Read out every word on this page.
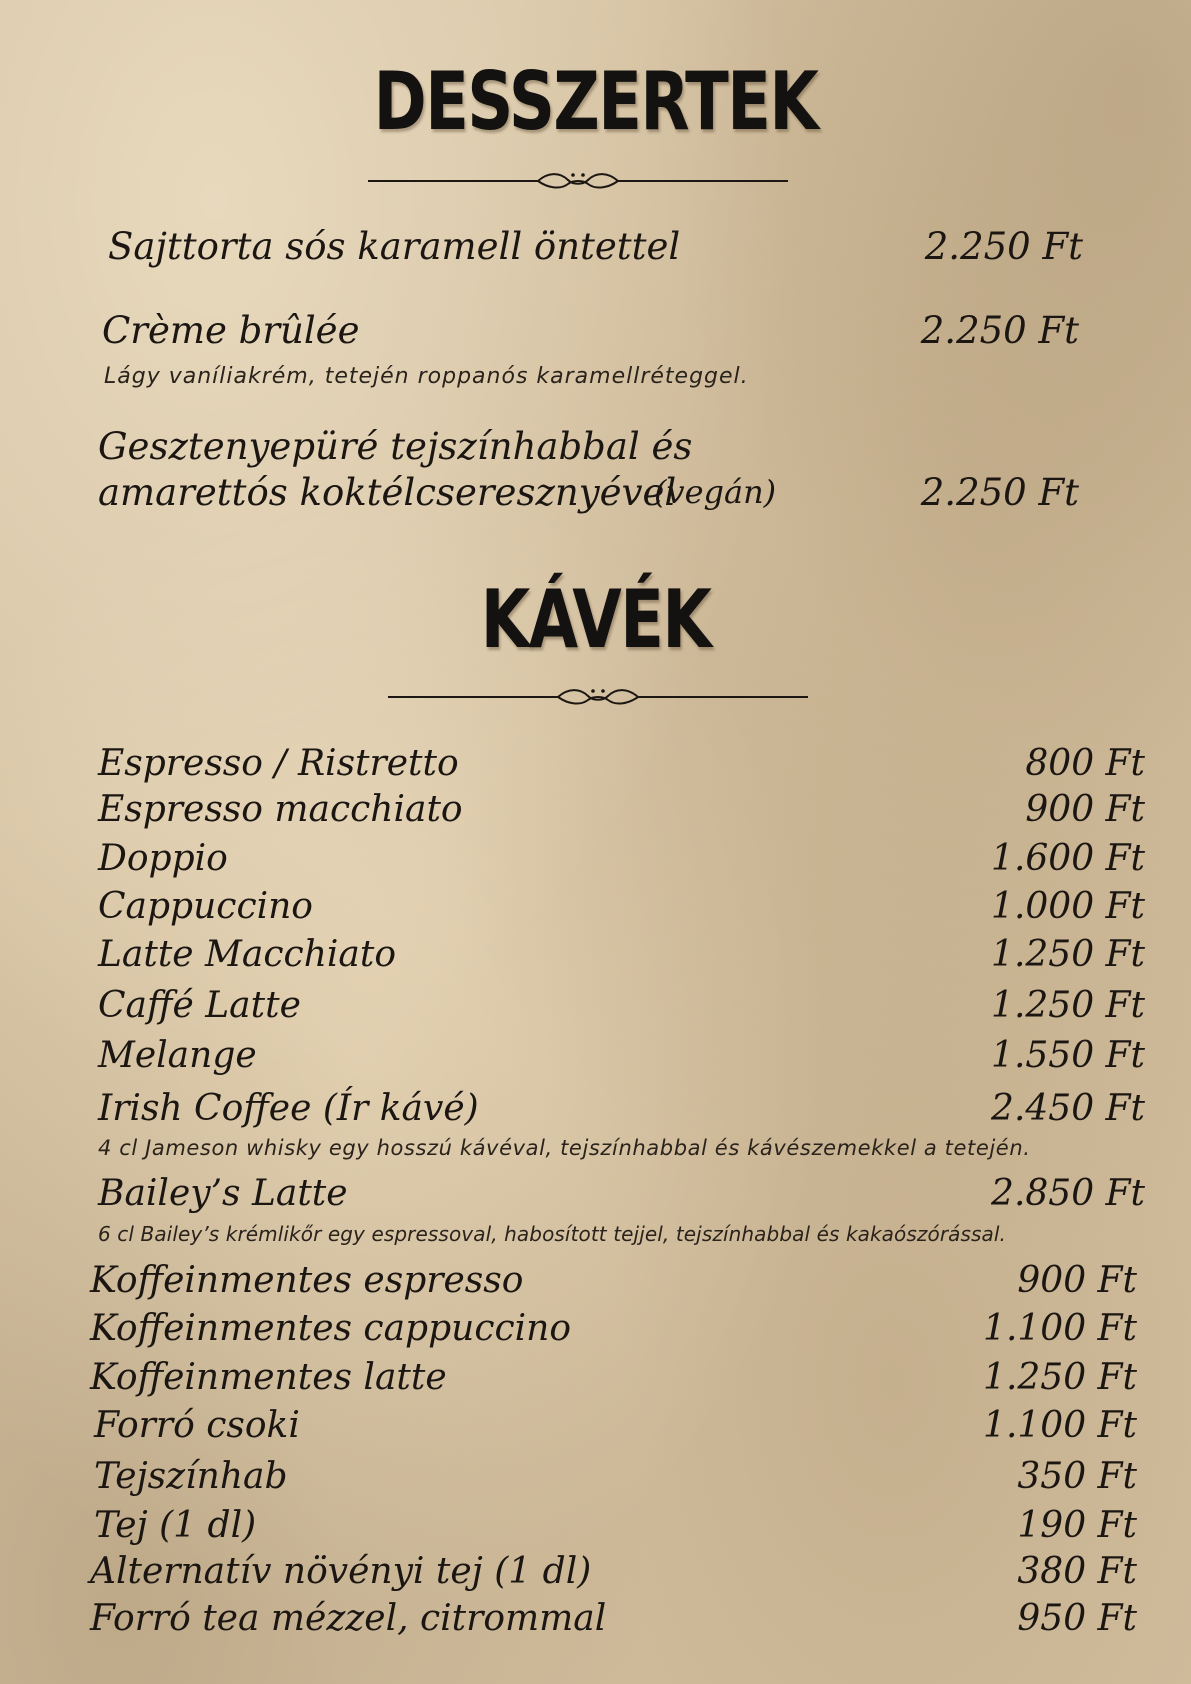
DESSZERTEK
Sajttorta sós karamell öntettel	2.250 Ft
Crème brûlée	2.250 Ft
Lágy vaníliakrém, tetején roppanós karamellréteggel.
Gesztenyepüré tejszínhabbal és
amarettós koktélcseresznyével
(vegán)	2.250 Ft
KÁVÉK
Espresso / Ristretto	800 Ft
Espresso macchiato	900 Ft
Doppio	1.600 Ft
Cappuccino	1.000 Ft
Latte Macchiato	1.250 Ft
Caffé Latte	1.250 Ft
Melange	1.550 Ft
Irish Coffee (Ír kávé)	2.450 Ft
4 cl Jameson whisky egy hosszú kávéval, tejszínhabbal és kávészemekkel a tetején.
Bailey’s Latte	2.850 Ft
6 cl Bailey’s krémlikőr egy espressoval, habosított tejjel, tejszínhabbal és kakaószórással.
Koffeinmentes espresso	900 Ft
Koffeinmentes cappuccino	1.100 Ft
Koffeinmentes latte	1.250 Ft
Forró csoki	1.100 Ft
Tejszínhab	350 Ft
Tej (1 dl)	190 Ft
Alternatív növényi tej (1 dl)	380 Ft
Forró tea mézzel, citrommal	950 Ft
